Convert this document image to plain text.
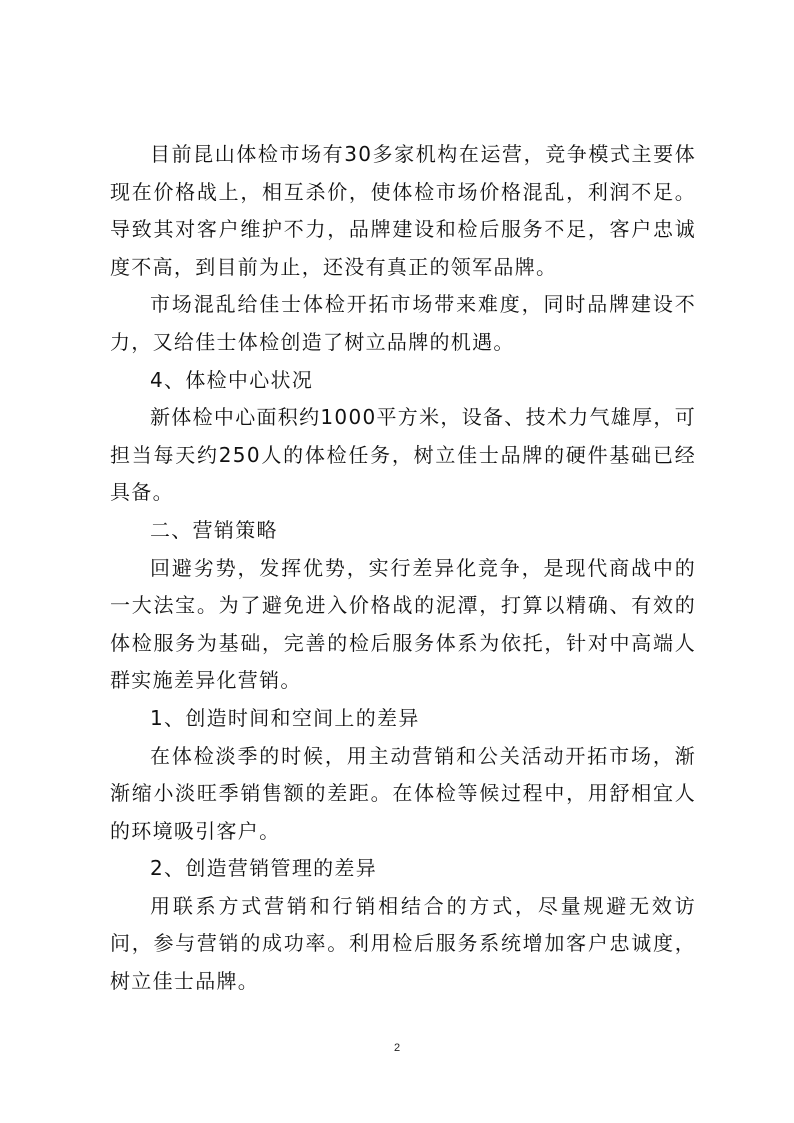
目前昆山体检市场有30多家机构在运营，竞争模式主要体现在价格战上，相互杀价，使体检市场价格混乱，利润不足。导致其对客户维护不力，品牌建设和检后服务不足，客户忠诚度不高，到目前为止，还没有真正的领军品牌。

市场混乱给佳士体检开拓市场带来难度，同时品牌建设不力，又给佳士体检创造了树立品牌的机遇。

4、体检中心状况

新体检中心面积约1000平方米，设备、技术力气雄厚，可担当每天约250人的体检任务，树立佳士品牌的硬件基础已经具备。

二、营销策略

回避劣势，发挥优势，实行差异化竞争，是现代商战中的一大法宝。为了避免进入价格战的泥潭，打算以精确、有效的体检服务为基础，完善的检后服务体系为依托，针对中高端人群实施差异化营销。

1、创造时间和空间上的差异

在体检淡季的时候，用主动营销和公关活动开拓市场，渐渐缩小淡旺季销售额的差距。在体检等候过程中，用舒相宜人的环境吸引客户。

2、创造营销管理的差异

用联系方式营销和行销相结合的方式，尽量规避无效访问，参与营销的成功率。利用检后服务系统增加客户忠诚度，树立佳士品牌。

2
